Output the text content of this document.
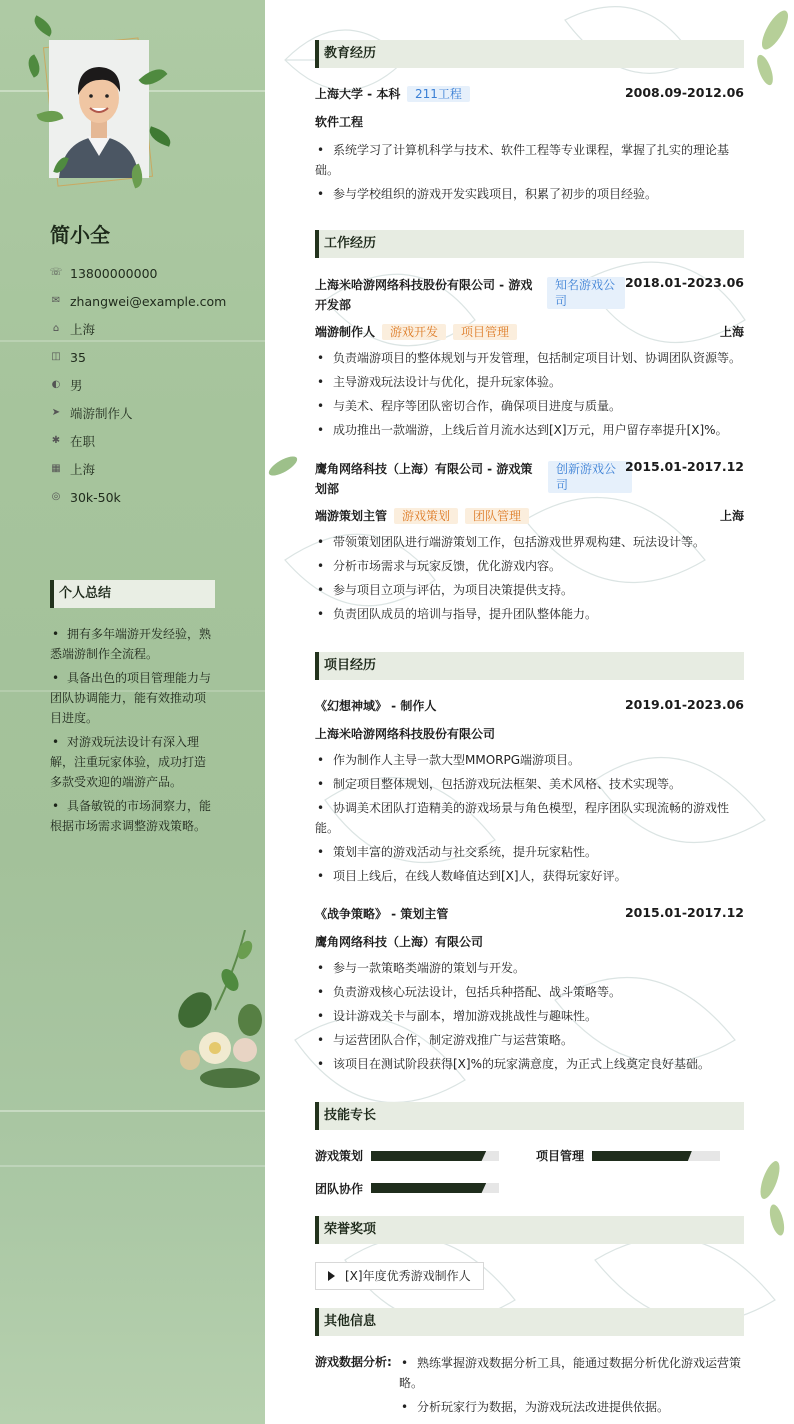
简小全
☏ 13800000000
✉ zhangwei@example.com
⌂ 上海
◫ 35
◐ 男
➤ 端游制作人
✱ 在职
▦ 上海
◎ 30k-50k
个人总结
• 拥有多年端游开发经验，熟悉端游制作全流程。
• 具备出色的项目管理能力与团队协调能力，能有效推动项目进度。
• 对游戏玩法设计有深入理解，注重玩家体验，成功打造多款受欢迎的端游产品。
• 具备敏锐的市场洞察力，能根据市场需求调整游戏策略。
教育经历
上海大学 - 本科	211工程	2008.09-2012.06
软件工程
• 系统学习了计算机科学与技术、软件工程等专业课程，掌握了扎实的理论基础。
• 参与学校组织的游戏开发实践项目，积累了初步的项目经验。
工作经历
上海米哈游网络科技股份有限公司 - 游戏开发部
知名游戏公司
2018.01-2023.06
端游制作人	游戏开发	项目管理	上海
• 负责端游项目的整体规划与开发管理，包括制定项目计划、协调团队资源等。
• 主导游戏玩法设计与优化，提升玩家体验。
• 与美术、程序等团队密切合作，确保项目进度与质量。
• 成功推出一款端游，上线后首月流水达到[X]万元，用户留存率提升[X]%。
鹰角网络科技（上海）有限公司 - 游戏策划部
创新游戏公司
2015.01-2017.12
端游策划主管	游戏策划	团队管理	上海
• 带领策划团队进行端游策划工作，包括游戏世界观构建、玩法设计等。
• 分析市场需求与玩家反馈，优化游戏内容。
• 参与项目立项与评估，为项目决策提供支持。
• 负责团队成员的培训与指导，提升团队整体能力。
项目经历
《幻想神域》 - 制作人	2019.01-2023.06
上海米哈游网络科技股份有限公司
• 作为制作人主导一款大型MMORPG端游项目。
• 制定项目整体规划，包括游戏玩法框架、美术风格、技术实现等。
• 协调美术团队打造精美的游戏场景与角色模型，程序团队实现流畅的游戏性能。
• 策划丰富的游戏活动与社交系统，提升玩家粘性。
• 项目上线后，在线人数峰值达到[X]人，获得玩家好评。
《战争策略》 - 策划主管	2015.01-2017.12
鹰角网络科技（上海）有限公司
• 参与一款策略类端游的策划与开发。
• 负责游戏核心玩法设计，包括兵种搭配、战斗策略等。
• 设计游戏关卡与副本，增加游戏挑战性与趣味性。
• 与运营团队合作，制定游戏推广与运营策略。
• 该项目在测试阶段获得[X]%的玩家满意度，为正式上线奠定良好基础。
技能专长
游戏策划	项目管理
团队协作
荣誉奖项
[X]年度优秀游戏制作人
其他信息
游戏数据分析: • 熟练掌握游戏数据分析工具，能通过数据分析优化游戏运营策略。
• 分析玩家行为数据，为游戏玩法改进提供依据。
